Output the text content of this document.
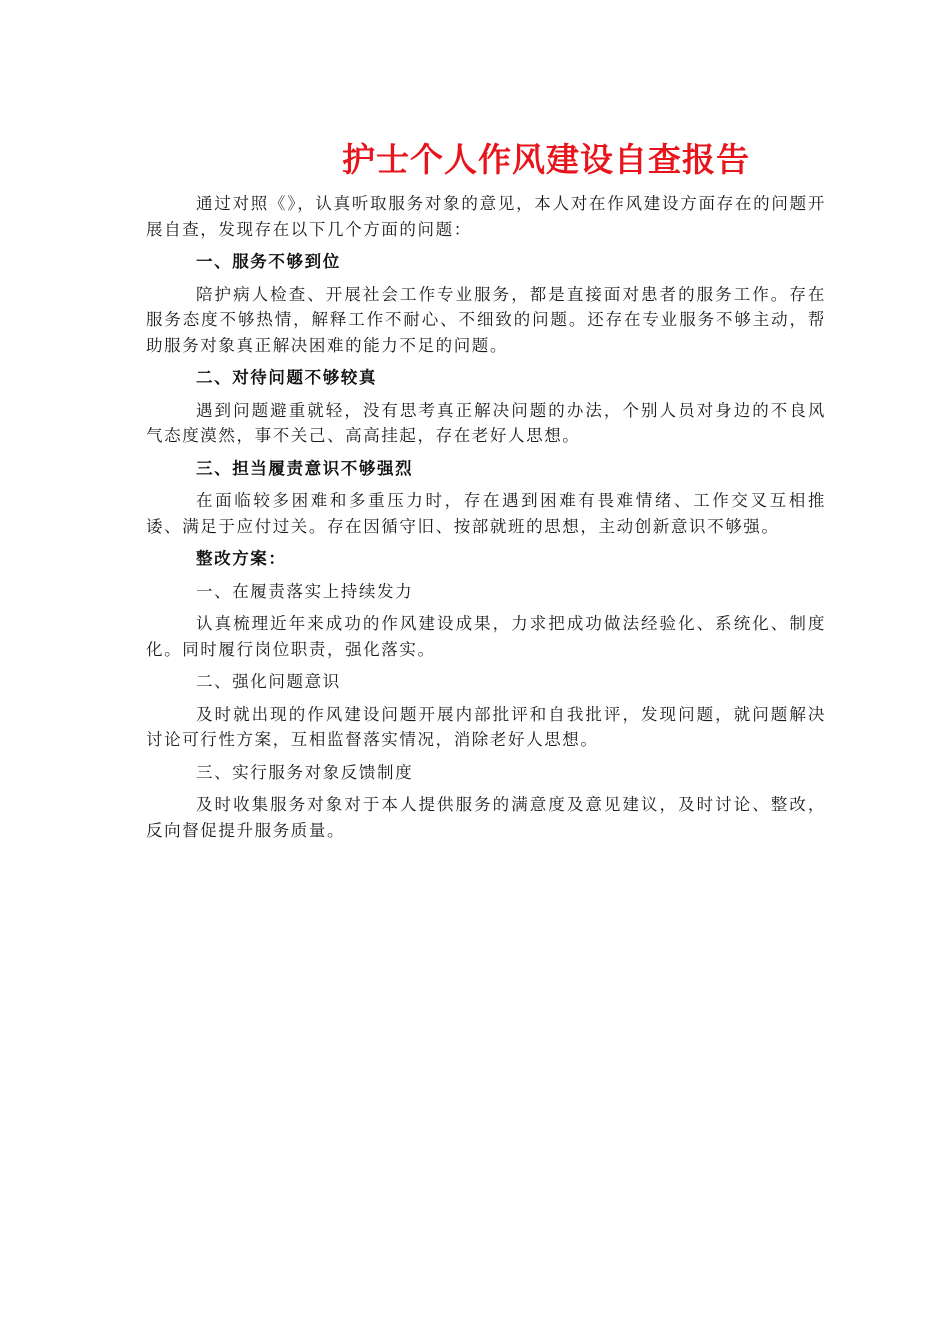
护士个人作风建设自查报告

通过对照《》，认真听取服务对象的意见，本人对在作风建设方面存在的问题开展自查，发现存在以下几个方面的问题：

一、服务不够到位

陪护病人检查、开展社会工作专业服务，都是直接面对患者的服务工作。存在服务态度不够热情，解释工作不耐心、不细致的问题。还存在专业服务不够主动，帮助服务对象真正解决困难的能力不足的问题。

二、对待问题不够较真

遇到问题避重就轻，没有思考真正解决问题的办法，个别人员对身边的不良风气态度漠然，事不关己、高高挂起，存在老好人思想。

三、担当履责意识不够强烈

在面临较多困难和多重压力时，存在遇到困难有畏难情绪、工作交叉互相推诿、满足于应付过关。存在因循守旧、按部就班的思想，主动创新意识不够强。

整改方案：
一、在履责落实上持续发力

认真梳理近年来成功的作风建设成果，力求把成功做法经验化、系统化、制度化。同时履行岗位职责，强化落实。

二、强化问题意识

及时就出现的作风建设问题开展内部批评和自我批评，发现问题，就问题解决讨论可行性方案，互相监督落实情况，消除老好人思想。

三、实行服务对象反馈制度

及时收集服务对象对于本人提供服务的满意度及意见建议，及时讨论、整改，反向督促提升服务质量。
